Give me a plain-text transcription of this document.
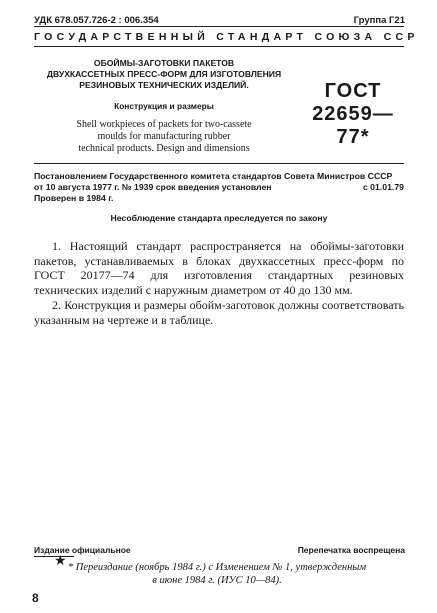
УДК 678.057.726-2 : 006.354	Группа Г21
ГОСУДАРСТВЕННЫЙ СТАНДАРТ СОЮЗА ССР
ОБОЙМЫ-ЗАГОТОВКИ ПАКЕТОВ
ДВУХКАССЕТНЫХ ПРЕСС-ФОРМ ДЛЯ ИЗГОТОВЛЕНИЯ
РЕЗИНОВЫХ ТЕХНИЧЕСКИХ ИЗДЕЛИЙ.
Конструкция и размеры
Shell workpieces of packets for two-cassete
moulds for manufacturing rubber
technical products. Design and dimensions
ГОСТ
22659—77*
Постановлением Государственного комитета стандартов Совета Министров СССР
от 10 августа 1977 г. № 1939 срок введения установлен	с 01.01.79
Проверен в 1984 г.
Несоблюдение стандарта преследуется по закону

1. Настоящий стандарт распространяется на обоймы-заготовки пакетов, устанавливаемых в блоках двухкассетных пресс-форм по ГОСТ 20177—74 для изготовления стандартных резиновых технических изделий с наружным диаметром от 40 до 130 мм.

2. Конструкция и размеры обойм-заготовок должны соответствовать указанным на чертеже и в таблице.

Издание официальное	Перепечатка воспрещена
★ * Переиздание (ноябрь 1984 г.) с Изменением № 1, утвержденным
в июне 1984 г. (ИУС 10—84).
8
